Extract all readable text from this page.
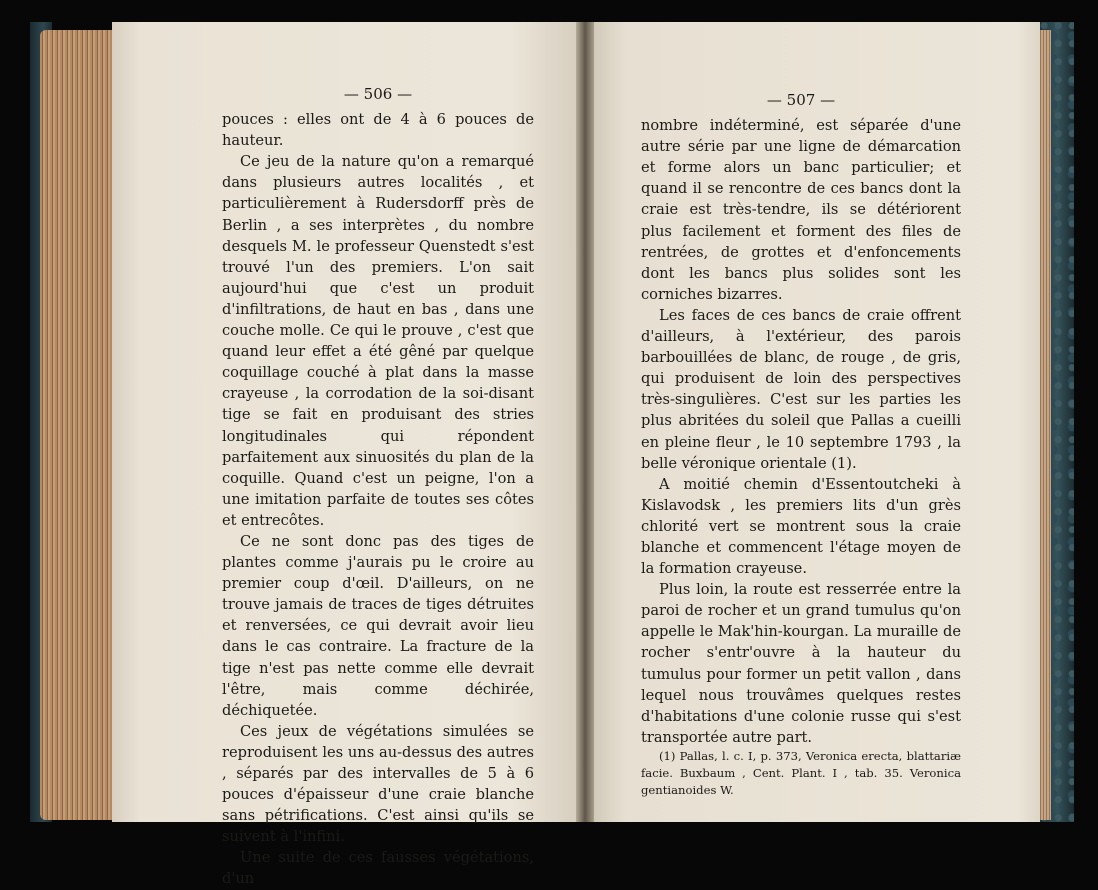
— 506 —

pouces : elles ont de 4 à 6 pouces de hauteur.

Ce jeu de la nature qu'on a remarqué dans plusieurs autres localités , et particulièrement à Rudersdorff près de Berlin , a ses interprètes , du nombre desquels M. le professeur Quenstedt s'est trouvé l'un des premiers. L'on sait aujourd'hui que c'est un produit d'infiltrations, de haut en bas , dans une couche molle. Ce qui le prouve , c'est que quand leur effet a été gêné par quelque coquillage couché à plat dans la masse crayeuse , la corrodation de la soi-disant tige se fait en produisant des stries longitudinales qui répondent parfaitement aux sinuosités du plan de la coquille. Quand c'est un peigne, l'on a une imitation parfaite de toutes ses côtes et entrecôtes.

Ce ne sont donc pas des tiges de plantes comme j'aurais pu le croire au premier coup d'œil. D'ailleurs, on ne trouve jamais de traces de tiges détruites et renversées, ce qui devrait avoir lieu dans le cas contraire. La fracture de la tige n'est pas nette comme elle devrait l'être, mais comme déchirée, déchiquetée.

Ces jeux de végétations simulées se reproduisent les uns au-dessus des autres , séparés par des intervalles de 5 à 6 pouces d'épaisseur d'une craie blanche sans pétrifications. C'est ainsi qu'ils se suivent à l'infini.

Une suite de ces fausses végétations, d'un

— 507 —

nombre indéterminé, est séparée d'une autre série par une ligne de démarcation et forme alors un banc particulier; et quand il se rencontre de ces bancs dont la craie est très-tendre, ils se détériorent plus facilement et forment des files de rentrées, de grottes et d'enfoncements dont les bancs plus solides sont les corniches bizarres.

Les faces de ces bancs de craie offrent d'ailleurs, à l'extérieur, des parois barbouillées de blanc, de rouge , de gris, qui produisent de loin des perspectives très-singulières. C'est sur les parties les plus abritées du soleil que Pallas a cueilli en pleine fleur , le 10 septembre 1793 , la belle véronique orientale (1).

A moitié chemin d'Essentoutcheki à Kislavodsk , les premiers lits d'un grès chlorité vert se montrent sous la craie blanche et commencent l'étage moyen de la formation crayeuse.

Plus loin, la route est resserrée entre la paroi de rocher et un grand tumulus qu'on appelle le Mak'hin-kourgan. La muraille de rocher s'entr'ouvre à la hauteur du tumulus pour former un petit vallon , dans lequel nous trouvâmes quelques restes d'habitations d'une colonie russe qui s'est transportée autre part.

(1) Pallas, l. c. I, p. 373, Veronica erecta, blattariæ facie. Buxbaum , Cent. Plant. I , tab. 35. Veronica gentianoides W.
